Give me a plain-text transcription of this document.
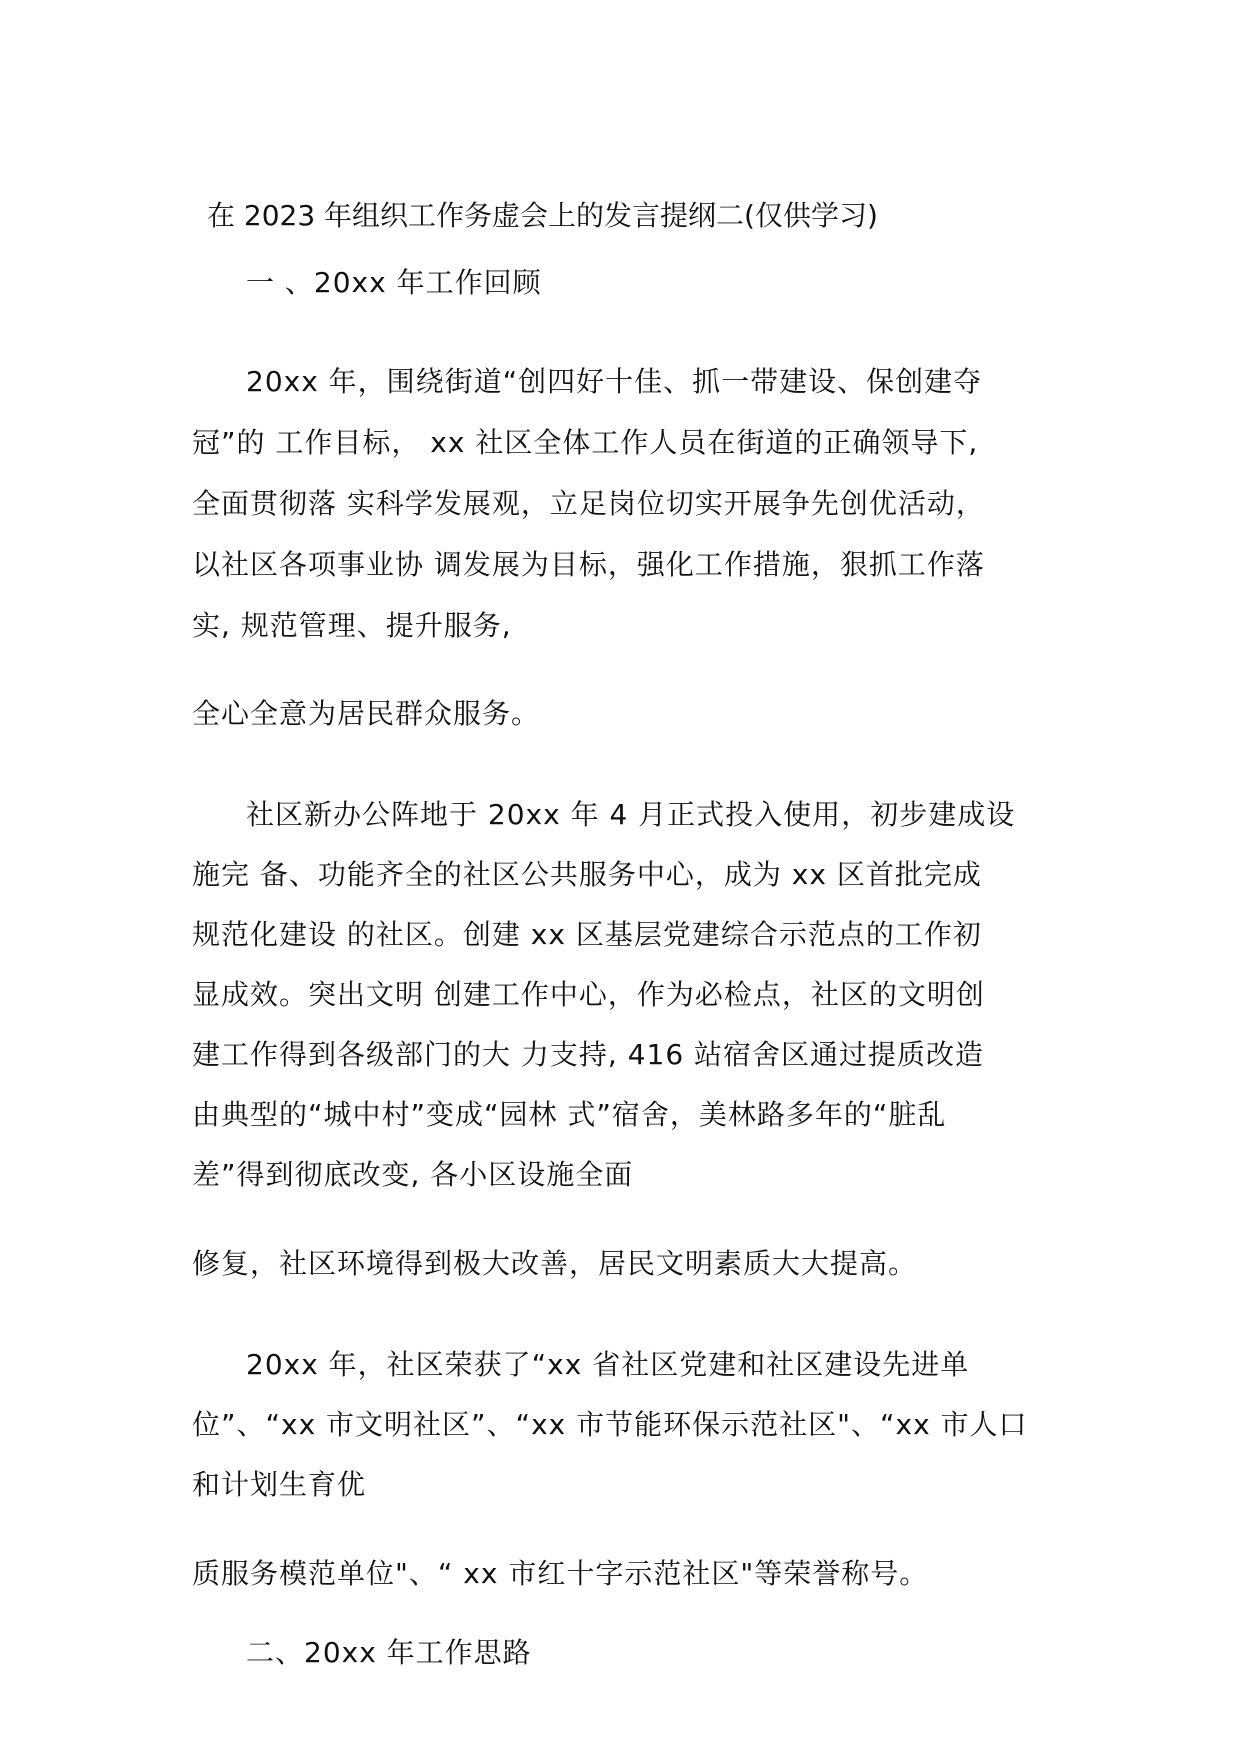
在 2023 年组织工作务虚会上的发言提纲二(仅供学习)
一 、20xx 年工作回顾
20xx 年，围绕街道“创四好十佳、抓一带建设、保创建夺
冠”的 工作目标， xx 社区全体工作人员在街道的正确领导下,
全面贯彻落 实科学发展观，立足岗位切实开展争先创优活动，
以社区各项事业协 调发展为目标，强化工作措施，狠抓工作落
实, 规范管理、提升服务,
全心全意为居民群众服务。
社区新办公阵地于 20xx 年 4 月正式投入使用，初步建成设
施完 备、功能齐全的社区公共服务中心，成为 xx 区首批完成
规范化建设 的社区。创建 xx 区基层党建综合示范点的工作初
显成效。突出文明 创建工作中心，作为必检点，社区的文明创
建工作得到各级部门的大 力支持, 416 站宿舍区通过提质改造
由典型的“城中村”变成“园林 式”宿舍，美林路多年的“脏乱
差”得到彻底改变, 各小区设施全面
修复，社区环境得到极大改善，居民文明素质大大提高。
20xx 年，社区荣获了“xx 省社区党建和社区建设先进单
位”、“xx 市文明社区”、“xx 市节能环保示范社区"、“xx 市人口
和计划生育优
质服务模范单位"、“ xx 市红十字示范社区"等荣誉称号。
二、20xx 年工作思路
